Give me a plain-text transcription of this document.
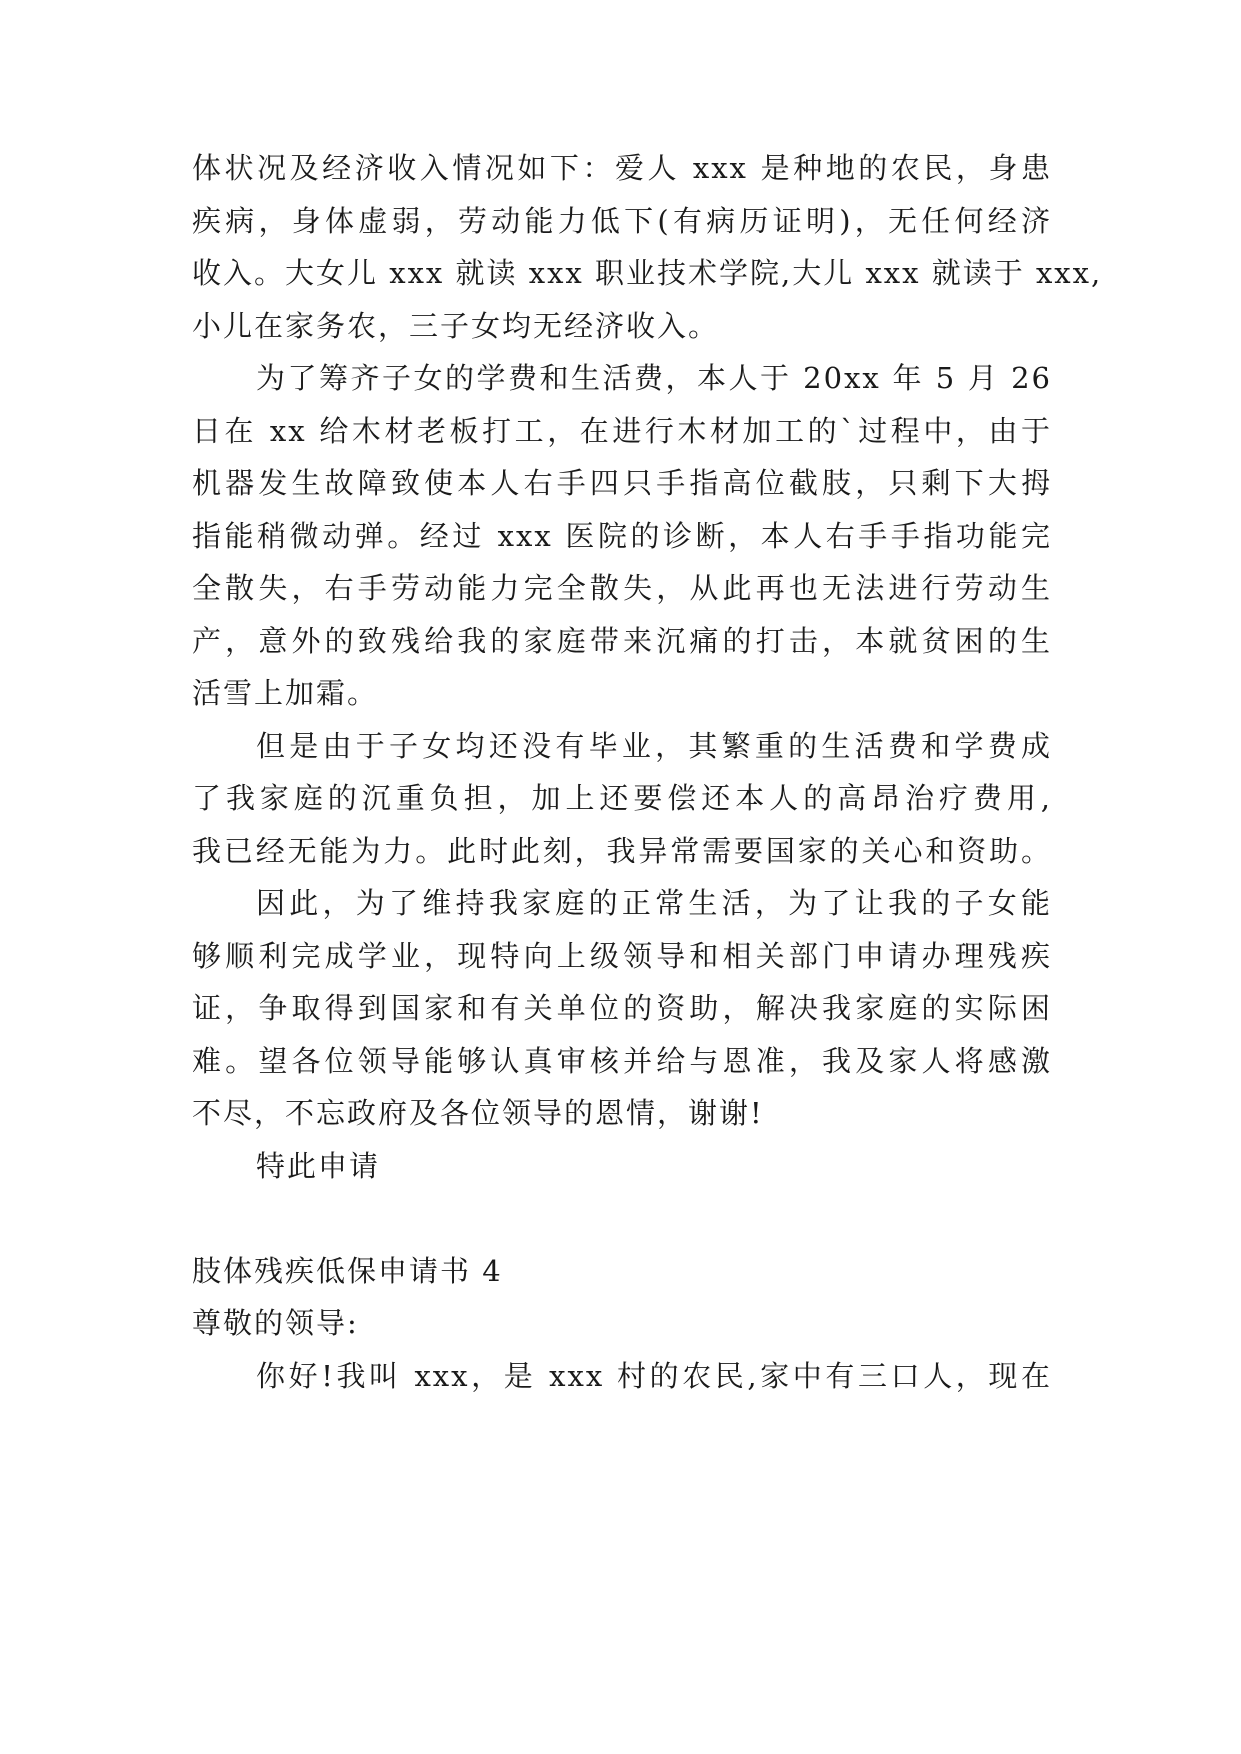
体状况及经济收入情况如下：爱人 xxx 是种地的农民，身患
疾病，身体虚弱，劳动能力低下(有病历证明)，无任何经济
收入。大女儿 xxx 就读 xxx 职业技术学院,大儿 xxx 就读于 xxx,
小儿在家务农，三子女均无经济收入。
为了筹齐子女的学费和生活费，本人于 20xx 年 5 月 26
日在 xx 给木材老板打工，在进行木材加工的`过程中，由于
机器发生故障致使本人右手四只手指高位截肢，只剩下大拇
指能稍微动弹。经过 xxx 医院的诊断，本人右手手指功能完
全散失，右手劳动能力完全散失，从此再也无法进行劳动生
产，意外的致残给我的家庭带来沉痛的打击，本就贫困的生
活雪上加霜。
但是由于子女均还没有毕业，其繁重的生活费和学费成
了我家庭的沉重负担，加上还要偿还本人的高昂治疗费用,
我已经无能为力。此时此刻，我异常需要国家的关心和资助。
因此，为了维持我家庭的正常生活，为了让我的子女能
够顺利完成学业，现特向上级领导和相关部门申请办理残疾
证，争取得到国家和有关单位的资助，解决我家庭的实际困
难。望各位领导能够认真审核并给与恩准，我及家人将感激
不尽，不忘政府及各位领导的恩情，谢谢!
特此申请
肢体残疾低保申请书 4
尊敬的领导:
你好!我叫 xxx，是 xxx 村的农民,家中有三口人，现在
